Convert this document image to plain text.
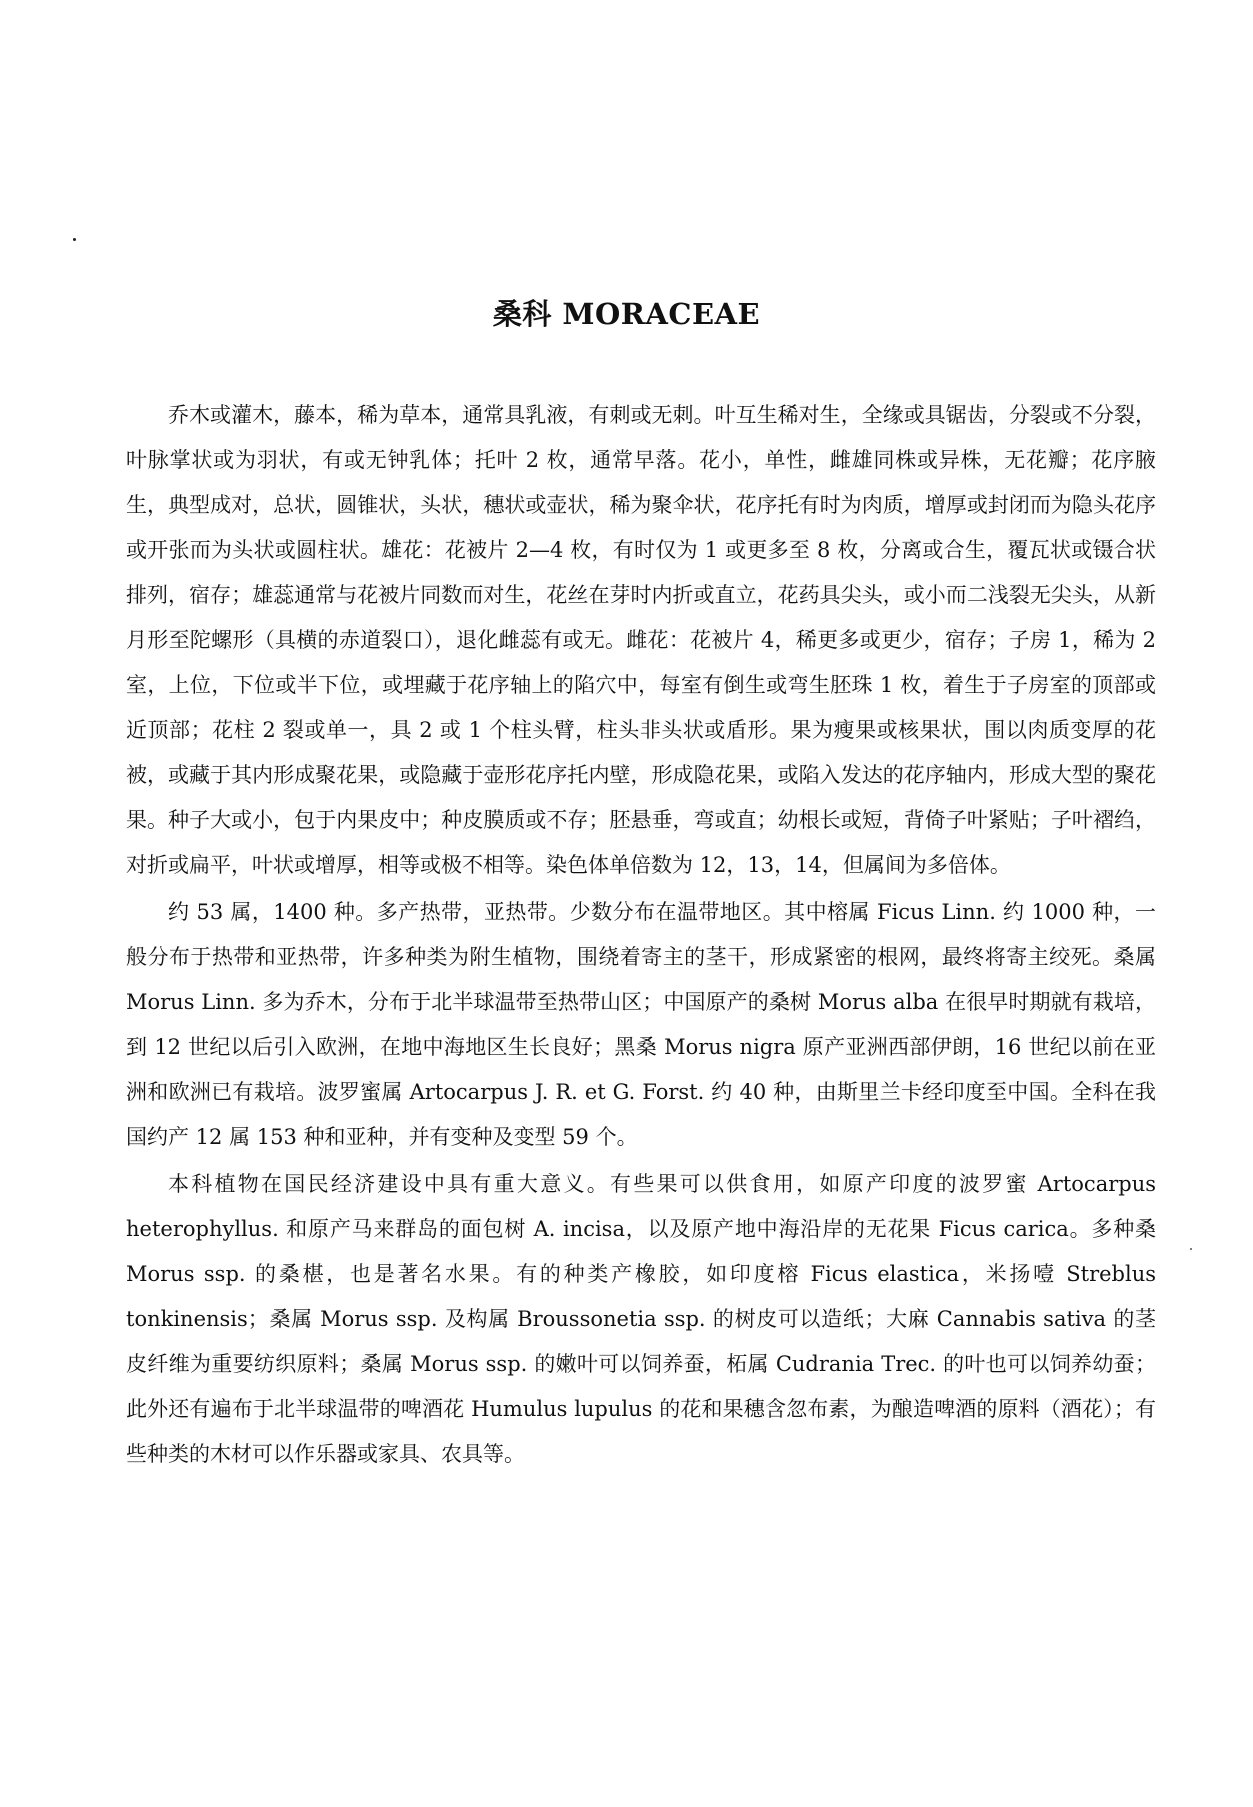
桑科 MORACEAE

乔木或灌木，藤本，稀为草本，通常具乳液，有刺或无刺。叶互生稀对生，全缘或具锯齿，分裂或不分裂，叶脉掌状或为羽状，有或无钟乳体；托叶 2 枚，通常早落。花小，单性，雌雄同株或异株，无花瓣；花序腋生，典型成对，总状，圆锥状，头状，穗状或壶状，稀为聚伞状，花序托有时为肉质，增厚或封闭而为隐头花序或开张而为头状或圆柱状。雄花：花被片 2—4 枚，有时仅为 1 或更多至 8 枚，分离或合生，覆瓦状或镊合状排列，宿存；雄蕊通常与花被片同数而对生，花丝在芽时内折或直立，花药具尖头，或小而二浅裂无尖头，从新月形至陀螺形（具横的赤道裂口），退化雌蕊有或无。雌花：花被片 4，稀更多或更少，宿存；子房 1，稀为 2 室，上位，下位或半下位，或埋藏于花序轴上的陷穴中，每室有倒生或弯生胚珠 1 枚，着生于子房室的顶部或近顶部；花柱 2 裂或单一，具 2 或 1 个柱头臂，柱头非头状或盾形。果为瘦果或核果状，围以肉质变厚的花被，或藏于其内形成聚花果，或隐藏于壶形花序托内壁，形成隐花果，或陷入发达的花序轴内，形成大型的聚花果。种子大或小，包于内果皮中；种皮膜质或不存；胚悬垂，弯或直；幼根长或短，背倚子叶紧贴；子叶褶绉，对折或扁平，叶状或增厚，相等或极不相等。染色体单倍数为 12，13，14，但属间为多倍体。

约 53 属，1400 种。多产热带，亚热带。少数分布在温带地区。其中榕属 Ficus Linn. 约 1000 种，一般分布于热带和亚热带，许多种类为附生植物，围绕着寄主的茎干，形成紧密的根网，最终将寄主绞死。桑属 Morus Linn. 多为乔木，分布于北半球温带至热带山区；中国原产的桑树 Morus alba 在很早时期就有栽培，到 12 世纪以后引入欧洲，在地中海地区生长良好；黑桑 Morus nigra 原产亚洲西部伊朗，16 世纪以前在亚洲和欧洲已有栽培。波罗蜜属 Artocarpus J. R. et G. Forst. 约 40 种，由斯里兰卡经印度至中国。全科在我国约产 12 属 153 种和亚种，并有变种及变型 59 个。

本科植物在国民经济建设中具有重大意义。有些果可以供食用，如原产印度的波罗蜜 Artocarpus heterophyllus. 和原产马来群岛的面包树 A. incisa，以及原产地中海沿岸的无花果 Ficus carica。多种桑 Morus ssp. 的桑椹，也是著名水果。有的种类产橡胶，如印度榕 Ficus elastica，米扬噎 Streblus tonkinensis；桑属 Morus ssp. 及构属 Broussonetia ssp. 的树皮可以造纸；大麻 Cannabis sativa 的茎皮纤维为重要纺织原料；桑属 Morus ssp. 的嫩叶可以饲养蚕，柘属 Cudrania Trec. 的叶也可以饲养幼蚕；此外还有遍布于北半球温带的啤酒花 Humulus lupulus 的花和果穗含忽布素，为酿造啤酒的原料（酒花）；有些种类的木材可以作乐器或家具、农具等。
